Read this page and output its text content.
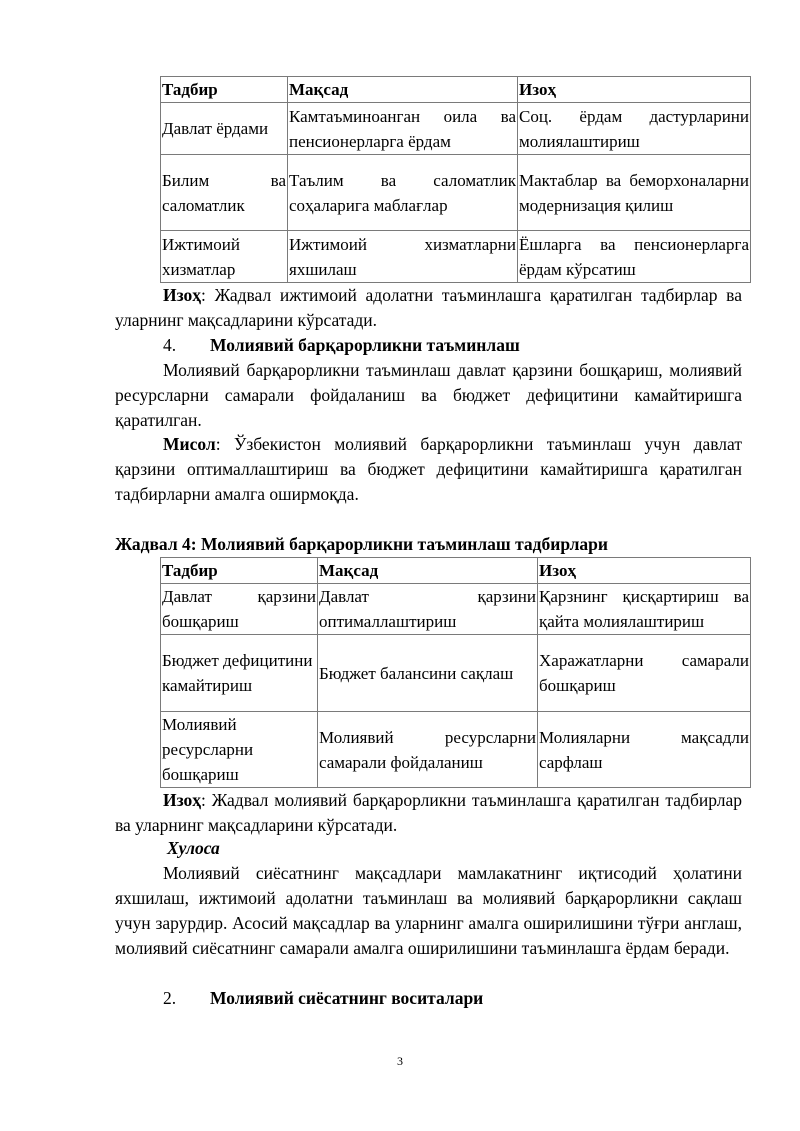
Тадбир	Мақсад	Изоҳ
Давлат ёрдами	Камтаъминоанган оила ва пенсионерларга ёрдам	Соц. ёрдам дастурларини молиялаштириш
Билим ва саломатлик	Таълим ва саломатлик соҳаларига маблағлар	Мактаблар ва беморхоналарни модернизация қилиш
Ижтимоий хизматлар	Ижтимоий хизматларни яхшилаш	Ёшларга ва пенсионерларга ёрдам кўрсатиш
Изоҳ: Жадвал ижтимоий адолатни таъминлашга қаратилган тадбирлар ва уларнинг мақсадларини кўрсатади.
4. Молиявий барқарорликни таъминлаш
Молиявий барқарорликни таъминлаш давлат қарзини бошқариш, молиявий ресурсларни самарали фойдаланиш ва бюджет дефицитини камайтиришга қаратилган.
Мисол: Ўзбекистон молиявий барқарорликни таъминлаш учун давлат қарзини оптималлаштириш ва бюджет дефицитини камайтиришга қаратилган тадбирларни амалга оширмоқда.
Жадвал 4: Молиявий барқарорликни таъминлаш тадбирлари
Тадбир	Мақсад	Изоҳ
Давлат қарзини бошқариш	Давлат қарзини оптималлаштириш	Қарзнинг қисқартириш ва қайта молиялаштириш
Бюджет дефицитини камайтириш	Бюджет балансини сақлаш	Харажатларни самарали бошқариш
Молиявий ресурсларни бошқариш	Молиявий ресурсларни самарали фойдаланиш	Молияларни мақсадли сарфлаш
Изоҳ: Жадвал молиявий барқарорликни таъминлашга қаратилган тадбирлар ва уларнинг мақсадларини кўрсатади.
Хулоса
Молиявий сиёсатнинг мақсадлари мамлакатнинг иқтисодий ҳолатини яхшилаш, ижтимоий адолатни таъминлаш ва молиявий барқарорликни сақлаш учун зарурдир. Асосий мақсадлар ва уларнинг амалга оширилишини тўғри англаш, молиявий сиёсатнинг самарали амалга оширилишини таъминлашга ёрдам беради.
2. Молиявий сиёсатнинг воситалари
3
